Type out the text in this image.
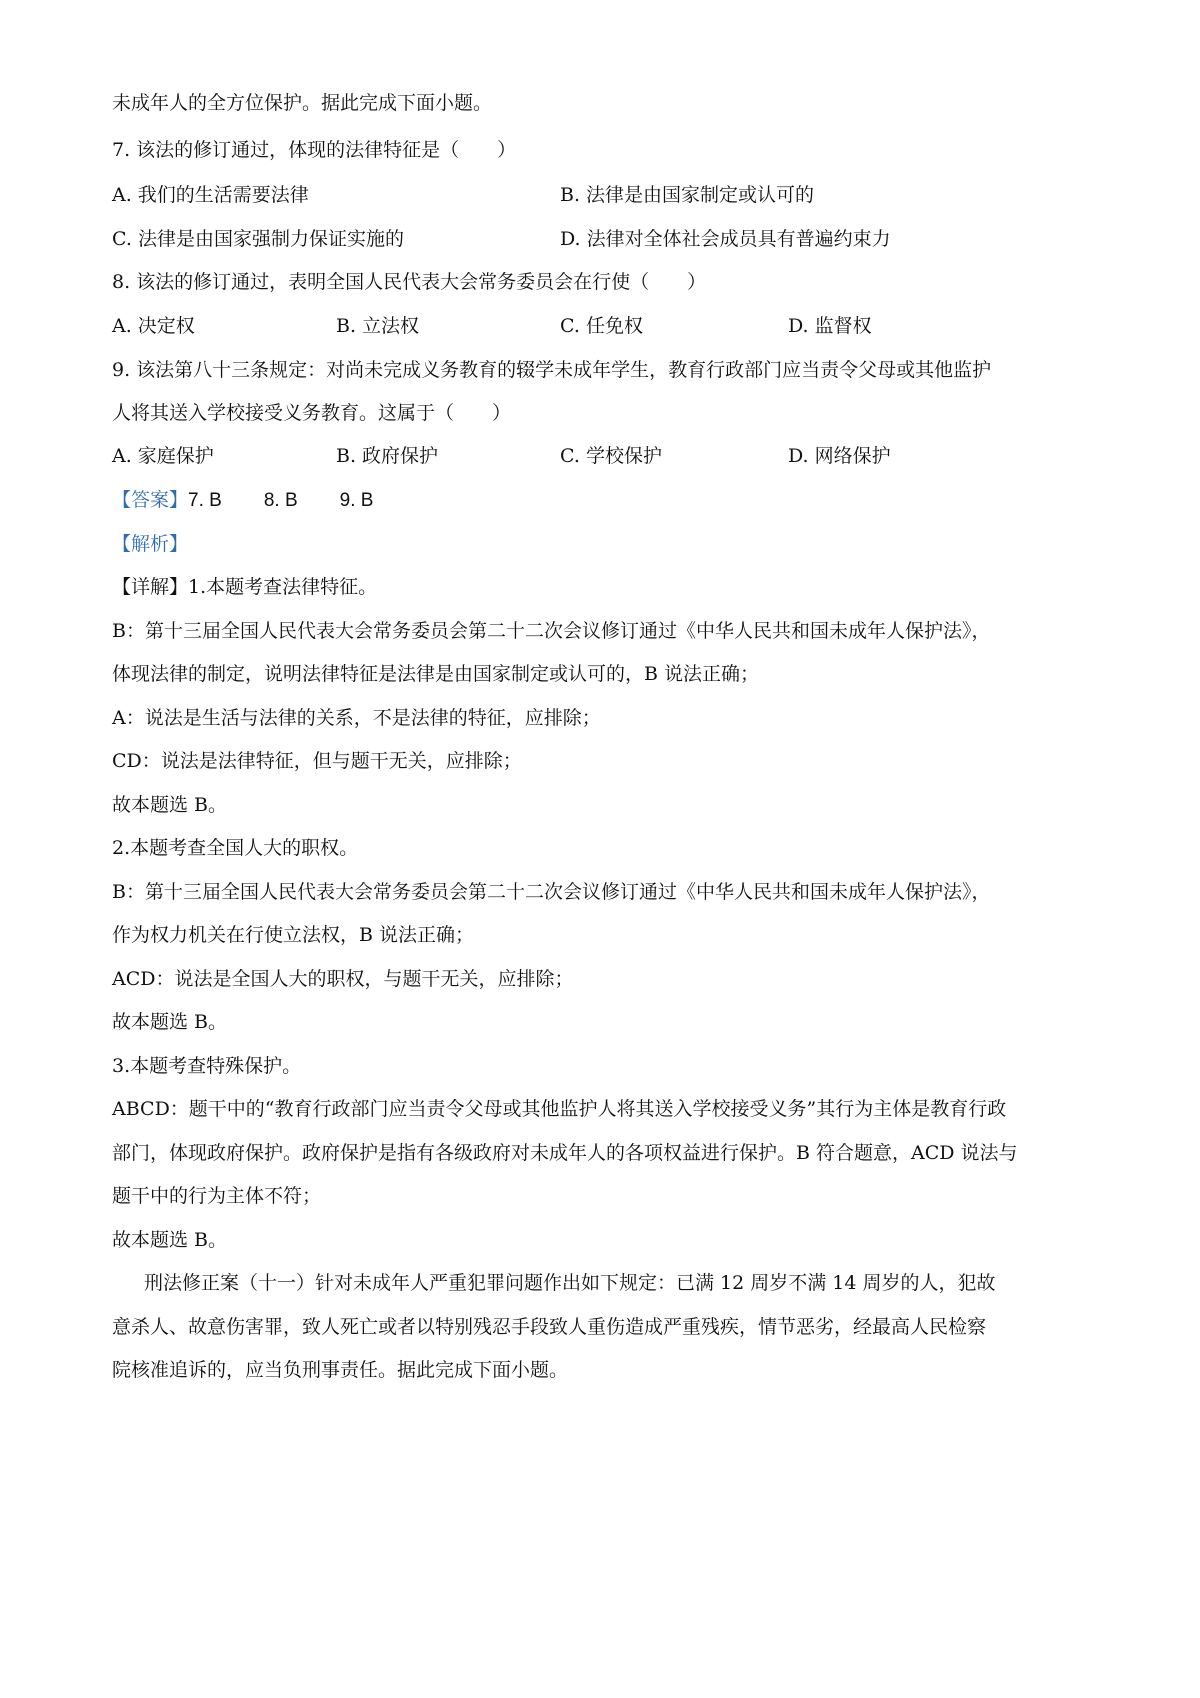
未成年人的全方位保护。据此完成下面小题。
7. 该法的修订通过，体现的法律特征是（　　）
A. 我们的生活需要法律	B. 法律是由国家制定或认可的
C. 法律是由国家强制力保证实施的	D. 法律对全体社会成员具有普遍约束力
8. 该法的修订通过，表明全国人民代表大会常务委员会在行使（　　）
A. 决定权	B. 立法权	C. 任免权	D. 监督权
9. 该法第八十三条规定：对尚未完成义务教育的辍学未成年学生，教育行政部门应当责令父母或其他监护
人将其送入学校接受义务教育。这属于（　　）
A. 家庭保护	B. 政府保护	C. 学校保护	D. 网络保护
【答案】7. B 8. B 9. B
【解析】
【详解】1.本题考查法律特征。
B：第十三届全国人民代表大会常务委员会第二十二次会议修订通过《中华人民共和国未成年人保护法》，
体现法律的制定，说明法律特征是法律是由国家制定或认可的，B 说法正确；
A：说法是生活与法律的关系，不是法律的特征，应排除；
CD：说法是法律特征，但与题干无关，应排除；
故本题选 B。
2.本题考查全国人大的职权。
B：第十三届全国人民代表大会常务委员会第二十二次会议修订通过《中华人民共和国未成年人保护法》，
作为权力机关在行使立法权，B 说法正确；
ACD：说法是全国人大的职权，与题干无关，应排除；
故本题选 B。
3.本题考查特殊保护。
ABCD：题干中的“教育行政部门应当责令父母或其他监护人将其送入学校接受义务”其行为主体是教育行政
部门，体现政府保护。政府保护是指有各级政府对未成年人的各项权益进行保护。B 符合题意，ACD 说法与
题干中的行为主体不符；
故本题选 B。
刑法修正案（十一）针对未成年人严重犯罪问题作出如下规定：已满 12 周岁不满 14 周岁的人，犯故
意杀人、故意伤害罪，致人死亡或者以特别残忍手段致人重伤造成严重残疾，情节恶劣，经最高人民检察
院核准追诉的，应当负刑事责任。据此完成下面小题。
